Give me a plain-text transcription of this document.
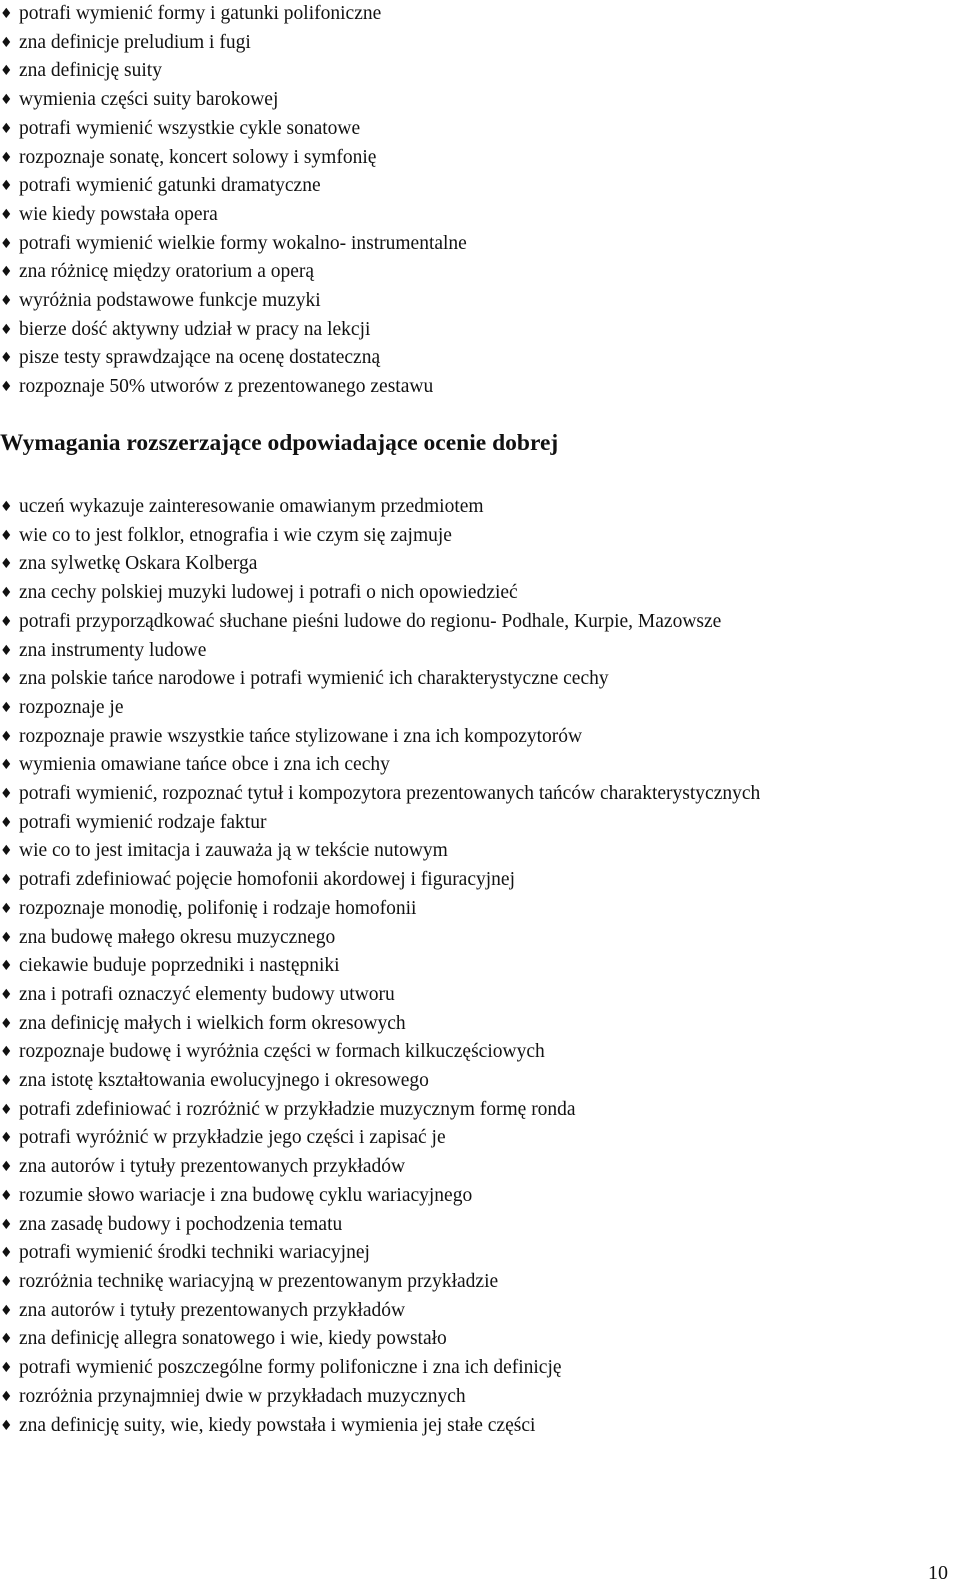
♦ potrafi wymienić formy i gatunki polifoniczne
♦ zna definicje preludium i fugi
♦ zna definicję suity
♦ wymienia części suity barokowej
♦ potrafi wymienić wszystkie cykle sonatowe
♦ rozpoznaje sonatę, koncert solowy i symfonię
♦ potrafi wymienić gatunki dramatyczne
♦ wie kiedy powstała opera
♦ potrafi wymienić wielkie formy wokalno- instrumentalne
♦ zna różnicę między oratorium a operą
♦ wyróżnia podstawowe funkcje muzyki
♦ bierze dość aktywny udział w pracy na lekcji
♦ pisze testy sprawdzające na ocenę dostateczną
♦ rozpoznaje 50% utworów z prezentowanego zestawu
Wymagania rozszerzające odpowiadające ocenie dobrej
♦ uczeń wykazuje zainteresowanie omawianym przedmiotem
♦ wie co to jest folklor, etnografia i wie czym się zajmuje
♦ zna sylwetkę Oskara Kolberga
♦ zna cechy polskiej muzyki ludowej i potrafi o nich opowiedzieć
♦ potrafi przyporządkować słuchane pieśni ludowe do regionu- Podhale, Kurpie, Mazowsze
♦ zna instrumenty ludowe
♦ zna polskie tańce narodowe i potrafi wymienić ich charakterystyczne cechy
♦ rozpoznaje je
♦ rozpoznaje prawie wszystkie tańce stylizowane i zna ich kompozytorów
♦ wymienia omawiane tańce obce i zna ich cechy
♦ potrafi wymienić, rozpoznać tytuł i kompozytora prezentowanych tańców charakterystycznych
♦ potrafi wymienić rodzaje faktur
♦ wie co to jest imitacja i zauważa ją w tekście nutowym
♦ potrafi zdefiniować pojęcie homofonii akordowej i figuracyjnej
♦ rozpoznaje monodię, polifonię i rodzaje homofonii
♦ zna budowę małego okresu muzycznego
♦ ciekawie buduje poprzedniki i następniki
♦ zna i potrafi oznaczyć elementy budowy utworu
♦ zna definicję małych i wielkich form okresowych
♦ rozpoznaje budowę i wyróżnia części w formach kilkuczęściowych
♦ zna istotę kształtowania ewolucyjnego i okresowego
♦ potrafi zdefiniować i rozróżnić w przykładzie muzycznym formę ronda
♦ potrafi wyróżnić w przykładzie jego części i zapisać je
♦ zna autorów i tytuły prezentowanych przykładów
♦ rozumie słowo wariacje i zna budowę cyklu wariacyjnego
♦ zna zasadę budowy i pochodzenia tematu
♦ potrafi wymienić środki techniki wariacyjnej
♦ rozróżnia technikę wariacyjną w prezentowanym przykładzie
♦ zna autorów i tytuły prezentowanych przykładów
♦ zna definicję allegra sonatowego i wie, kiedy powstało
♦ potrafi wymienić poszczególne formy polifoniczne i zna ich definicję
♦ rozróżnia przynajmniej dwie w przykładach muzycznych
♦ zna definicję suity, wie, kiedy powstała i wymienia jej stałe części
10
